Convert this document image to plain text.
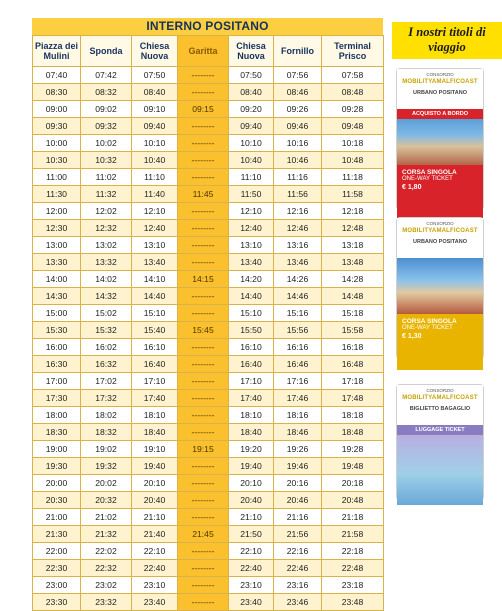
INTERNO POSITANO
Piazza dei Mulini	Sponda	Chiesa Nuova	Garitta	Chiesa Nuova	Fornillo	Terminal Prisco
07:40	07:42	07:50	--------	07:50	07:56	07:58
08:30	08:32	08:40	--------	08:40	08:46	08:48
09:00	09:02	09:10	09:15	09:20	09:26	09:28
09:30	09:32	09:40	--------	09:40	09:46	09:48
10:00	10:02	10:10	--------	10:10	10:16	10:18
10:30	10:32	10:40	--------	10:40	10:46	10:48
11:00	11:02	11:10	--------	11:10	11:16	11:18
11:30	11:32	11:40	11:45	11:50	11:56	11:58
12:00	12:02	12:10	--------	12:10	12:16	12:18
12:30	12:32	12:40	--------	12:40	12:46	12:48
13:00	13:02	13:10	--------	13:10	13:16	13:18
13:30	13:32	13:40	--------	13:40	13:46	13:48
14:00	14:02	14:10	14:15	14:20	14:26	14:28
14:30	14:32	14:40	--------	14:40	14:46	14:48
15:00	15:02	15:10	--------	15:10	15:16	15:18
15:30	15:32	15:40	15:45	15:50	15:56	15:58
16:00	16:02	16:10	--------	16:10	16:16	16:18
16:30	16:32	16:40	--------	16:40	16:46	16:48
17:00	17:02	17:10	--------	17:10	17:16	17:18
17:30	17:32	17:40	--------	17:40	17:46	17:48
18:00	18:02	18:10	--------	18:10	18:16	18:18
18:30	18:32	18:40	--------	18:40	18:46	18:48
19:00	19:02	19:10	19:15	19:20	19:26	19:28
19:30	19:32	19:40	--------	19:40	19:46	19:48
20:00	20:02	20:10	--------	20:10	20:16	20:18
20:30	20:32	20:40	--------	20:40	20:46	20:48
21:00	21:02	21:10	--------	21:10	21:16	21:18
21:30	21:32	21:40	21:45	21:50	21:56	21:58
22:00	22:02	22:10	--------	22:10	22:16	22:18
22:30	22:32	22:40	--------	22:40	22:46	22:48
23:00	23:02	23:10	--------	23:10	23:16	23:18
23:30	23:32	23:40	--------	23:40	23:46	23:48
I nostri titoli di viaggio
CONSORZIO
MOBILITYAMALFICOAST
URBANO POSITANO
ACQUISTO A BORDO
CORSA SINGOLA
ONE-WAY TICKET
€ 1,80
CONSORZIO
MOBILITYAMALFICOAST
URBANO POSITANO
CORSA SINGOLA
ONE-WAY TICKET
€ 1,30
CONSORZIO
MOBILITYAMALFICOAST
BIGLIETTO BAGAGLIO
LUGGAGE TICKET
